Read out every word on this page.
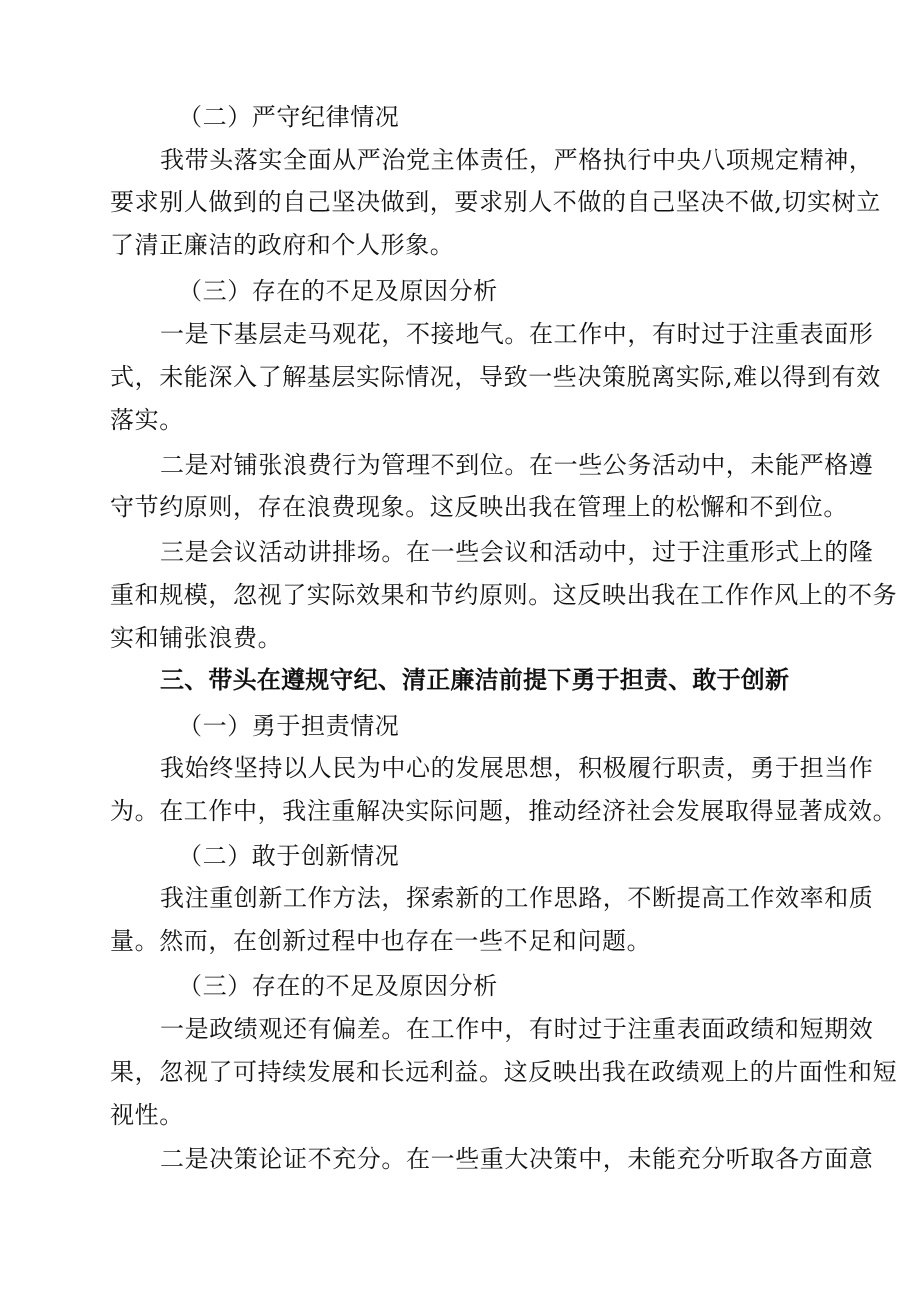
（二）严守纪律情况
我带头落实全面从严治党主体责任，严格执行中央八项规定精神，
要求别人做到的自己坚决做到，要求别人不做的自己坚决不做,切实树立
了清正廉洁的政府和个人形象。
（三）存在的不足及原因分析
一是下基层走马观花，不接地气。在工作中，有时过于注重表面形
式，未能深入了解基层实际情况，导致一些决策脱离实际,难以得到有效
落实。
二是对铺张浪费行为管理不到位。在一些公务活动中，未能严格遵
守节约原则，存在浪费现象。这反映出我在管理上的松懈和不到位。
三是会议活动讲排场。在一些会议和活动中，过于注重形式上的隆
重和规模，忽视了实际效果和节约原则。这反映出我在工作作风上的不务
实和铺张浪费。
三、带头在遵规守纪、清正廉洁前提下勇于担责、敢于创新
（一）勇于担责情况
我始终坚持以人民为中心的发展思想，积极履行职责，勇于担当作
为。在工作中，我注重解决实际问题，推动经济社会发展取得显著成效。
（二）敢于创新情况
我注重创新工作方法，探索新的工作思路，不断提高工作效率和质
量。然而，在创新过程中也存在一些不足和问题。
（三）存在的不足及原因分析
一是政绩观还有偏差。在工作中，有时过于注重表面政绩和短期效
果，忽视了可持续发展和长远利益。这反映出我在政绩观上的片面性和短
视性。
二是决策论证不充分。在一些重大决策中，未能充分听取各方面意
